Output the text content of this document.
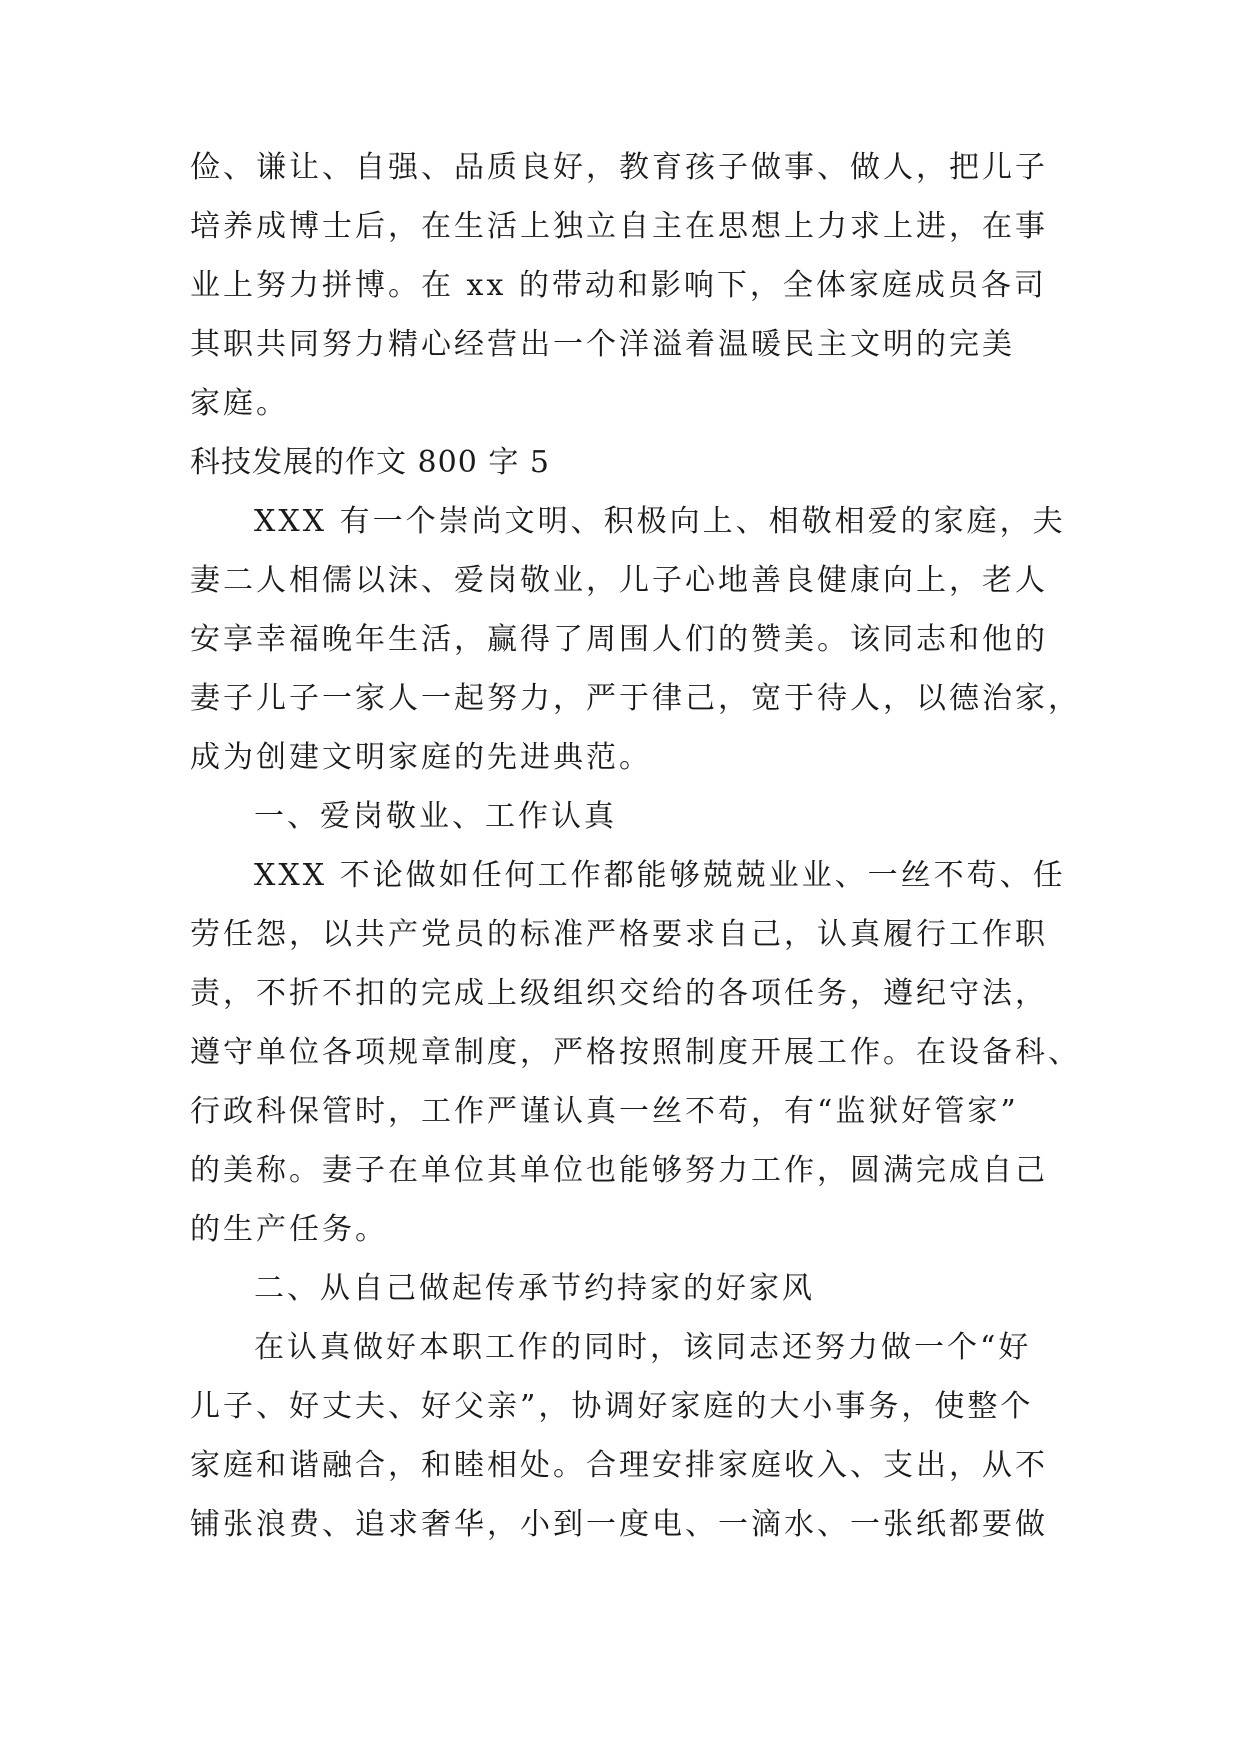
俭、谦让、自强、品质良好，教育孩子做事、做人，把儿子
培养成博士后，在生活上独立自主在思想上力求上进，在事
业上努力拼博。在 xx 的带动和影响下，全体家庭成员各司
其职共同努力精心经营出一个洋溢着温暖民主文明的完美
家庭。
科技发展的作文 800 字 5
XXX 有一个崇尚文明、积极向上、相敬相爱的家庭，夫
妻二人相儒以沫、爱岗敬业，儿子心地善良健康向上，老人
安享幸福晚年生活，赢得了周围人们的赞美。该同志和他的
妻子儿子一家人一起努力，严于律己，宽于待人，以德治家，
成为创建文明家庭的先进典范。
一、爱岗敬业、工作认真
XXX 不论做如任何工作都能够兢兢业业、一丝不苟、任
劳任怨，以共产党员的标准严格要求自己，认真履行工作职
责，不折不扣的完成上级组织交给的各项任务，遵纪守法，
遵守单位各项规章制度，严格按照制度开展工作。在设备科、
行政科保管时，工作严谨认真一丝不苟，有“监狱好管家”
的美称。妻子在单位其单位也能够努力工作，圆满完成自己
的生产任务。
二、从自己做起传承节约持家的好家风
在认真做好本职工作的同时，该同志还努力做一个“好
儿子、好丈夫、好父亲”，协调好家庭的大小事务，使整个
家庭和谐融合，和睦相处。合理安排家庭收入、支出，从不
铺张浪费、追求奢华，小到一度电、一滴水、一张纸都要做
